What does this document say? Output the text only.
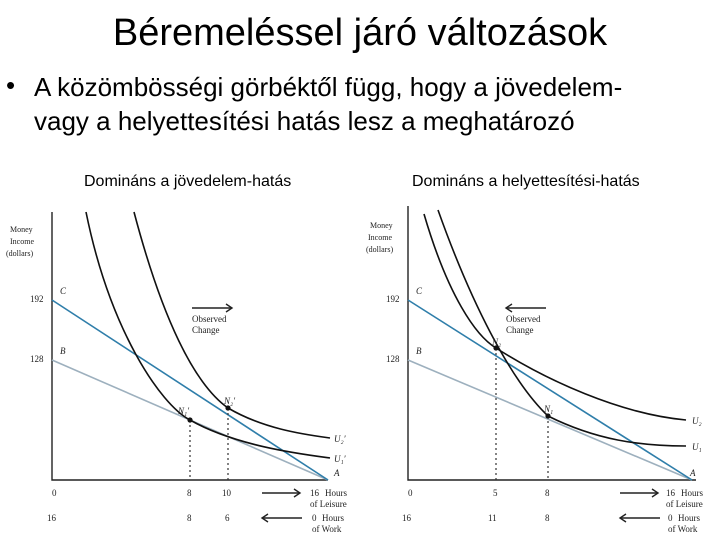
Béremeléssel járó változások
• A közömbösségi görbéktől függ, hogy a jövedelem-
vagy a helyettesítési hatás lesz a meghatározó
Domináns a jövedelem-hatás	Domináns a helyettesítési-hatás
Money
Income
(dollars)
192
128
C
B
A
N₁′
N₂′
U₂′
U₁′
Observed
Change
0	8	10	16 Hours
of Leisure
16	8	6	0 Hours
of Work
Money
Income
(dollars)
192
128
C
B
A
N₂
N₁
U₂
U₁
Observed
Change
0	5	8	16 Hours
of Leisure
16	11	8	0 Hours
of Work
